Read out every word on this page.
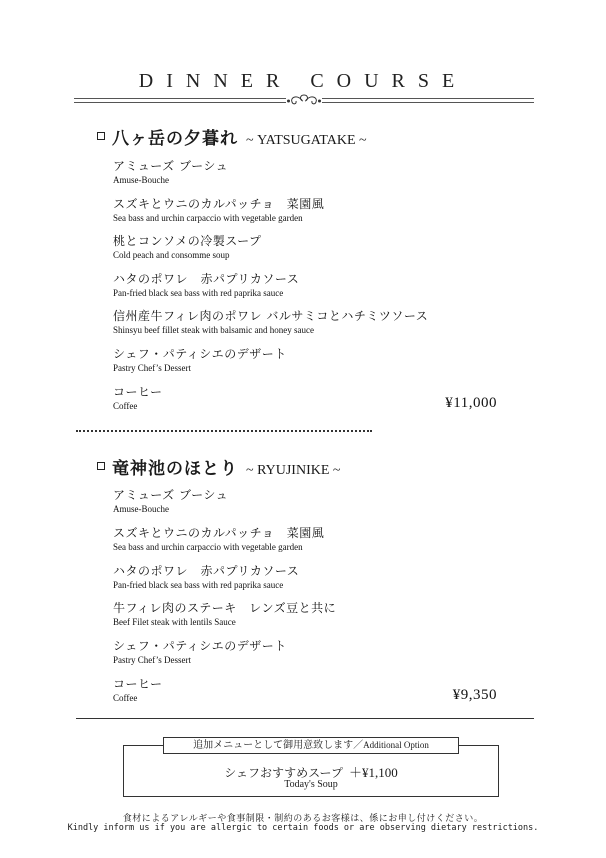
DINNER COURSE
八ヶ岳の夕暮れ ~ YATSUGATAKE ~
アミューズ ブーシュ
Amuse-Bouche
スズキとウニのカルパッチョ　菜園風
Sea bass and urchin carpaccio with vegetable garden
桃とコンソメの冷製スープ
Cold peach and consomme soup
ハタのポワレ　赤パプリカソース
Pan-fried black sea bass with red paprika sauce
信州産牛フィレ肉のポワレ バルサミコとハチミツソース
Shinsyu beef fillet steak with balsamic and honey sauce
シェフ・パティシエのデザート
Pastry Chef’s Dessert
コーヒー
Coffee	¥11,000
竜神池のほとり ~ RYUJINIKE ~
アミューズ ブーシュ
Amuse-Bouche
スズキとウニのカルパッチョ　菜園風
Sea bass and urchin carpaccio with vegetable garden
ハタのポワレ　赤パプリカソース
Pan-fried black sea bass with red paprika sauce
牛フィレ肉のステーキ　レンズ豆と共に
Beef Filet steak with lentils Sauce
シェフ・パティシエのデザート
Pastry Chef’s Dessert
コーヒー
Coffee	¥9,350
追加メニューとして御用意致します／Additional Option
シェフおすすめスープ ＋¥1,100
Today's Soup
食材によるアレルギーや食事制限・制約のあるお客様は、係にお申し付けください。
Kindly inform us if you are allergic to certain foods or are observing dietary restrictions.
